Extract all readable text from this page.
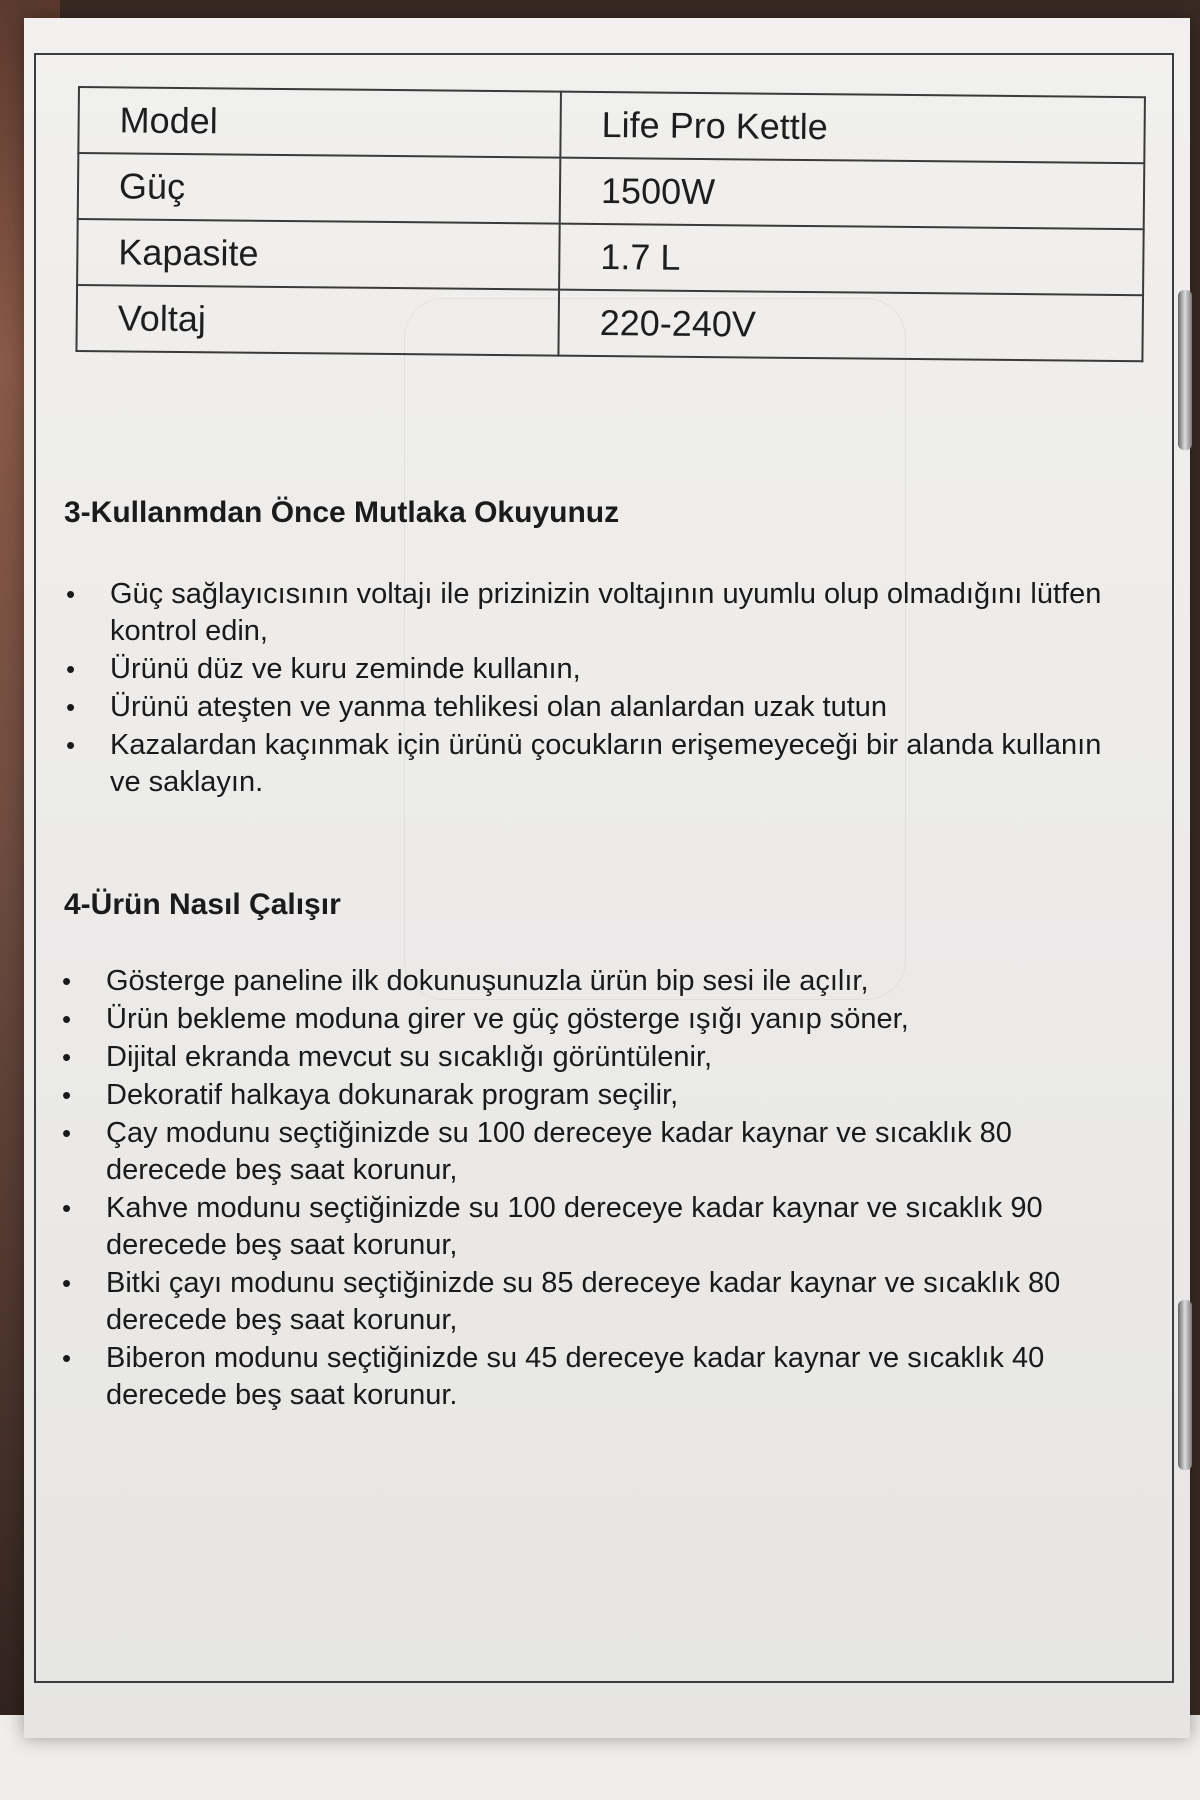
Model	Life Pro Kettle
Güç	1500W
Kapasite	1.7 L
Voltaj	220-240V
3-Kullanmdan Önce Mutlaka Okuyunuz
• Güç sağlayıcısının voltajı ile prizinizin voltajının uyumlu olup olmadığını lütfen kontrol edin,
• Ürünü düz ve kuru zeminde kullanın,
• Ürünü ateşten ve yanma tehlikesi olan alanlardan uzak tutun
• Kazalardan kaçınmak için ürünü çocukların erişemeyeceği bir alanda kullanın ve saklayın.
4-Ürün Nasıl Çalışır
• Gösterge paneline ilk dokunuşunuzla ürün bip sesi ile açılır,
• Ürün bekleme moduna girer ve güç gösterge ışığı yanıp söner,
• Dijital ekranda mevcut su sıcaklığı görüntülenir,
• Dekoratif halkaya dokunarak program seçilir,
• Çay modunu seçtiğinizde su 100 dereceye kadar kaynar ve sıcaklık 80 derecede beş saat korunur,
• Kahve modunu seçtiğinizde su 100 dereceye kadar kaynar ve sıcaklık 90 derecede beş saat korunur,
• Bitki çayı modunu seçtiğinizde su 85 dereceye kadar kaynar ve sıcaklık 80 derecede beş saat korunur,
• Biberon modunu seçtiğinizde su 45 dereceye kadar kaynar ve sıcaklık 40 derecede beş saat korunur.
